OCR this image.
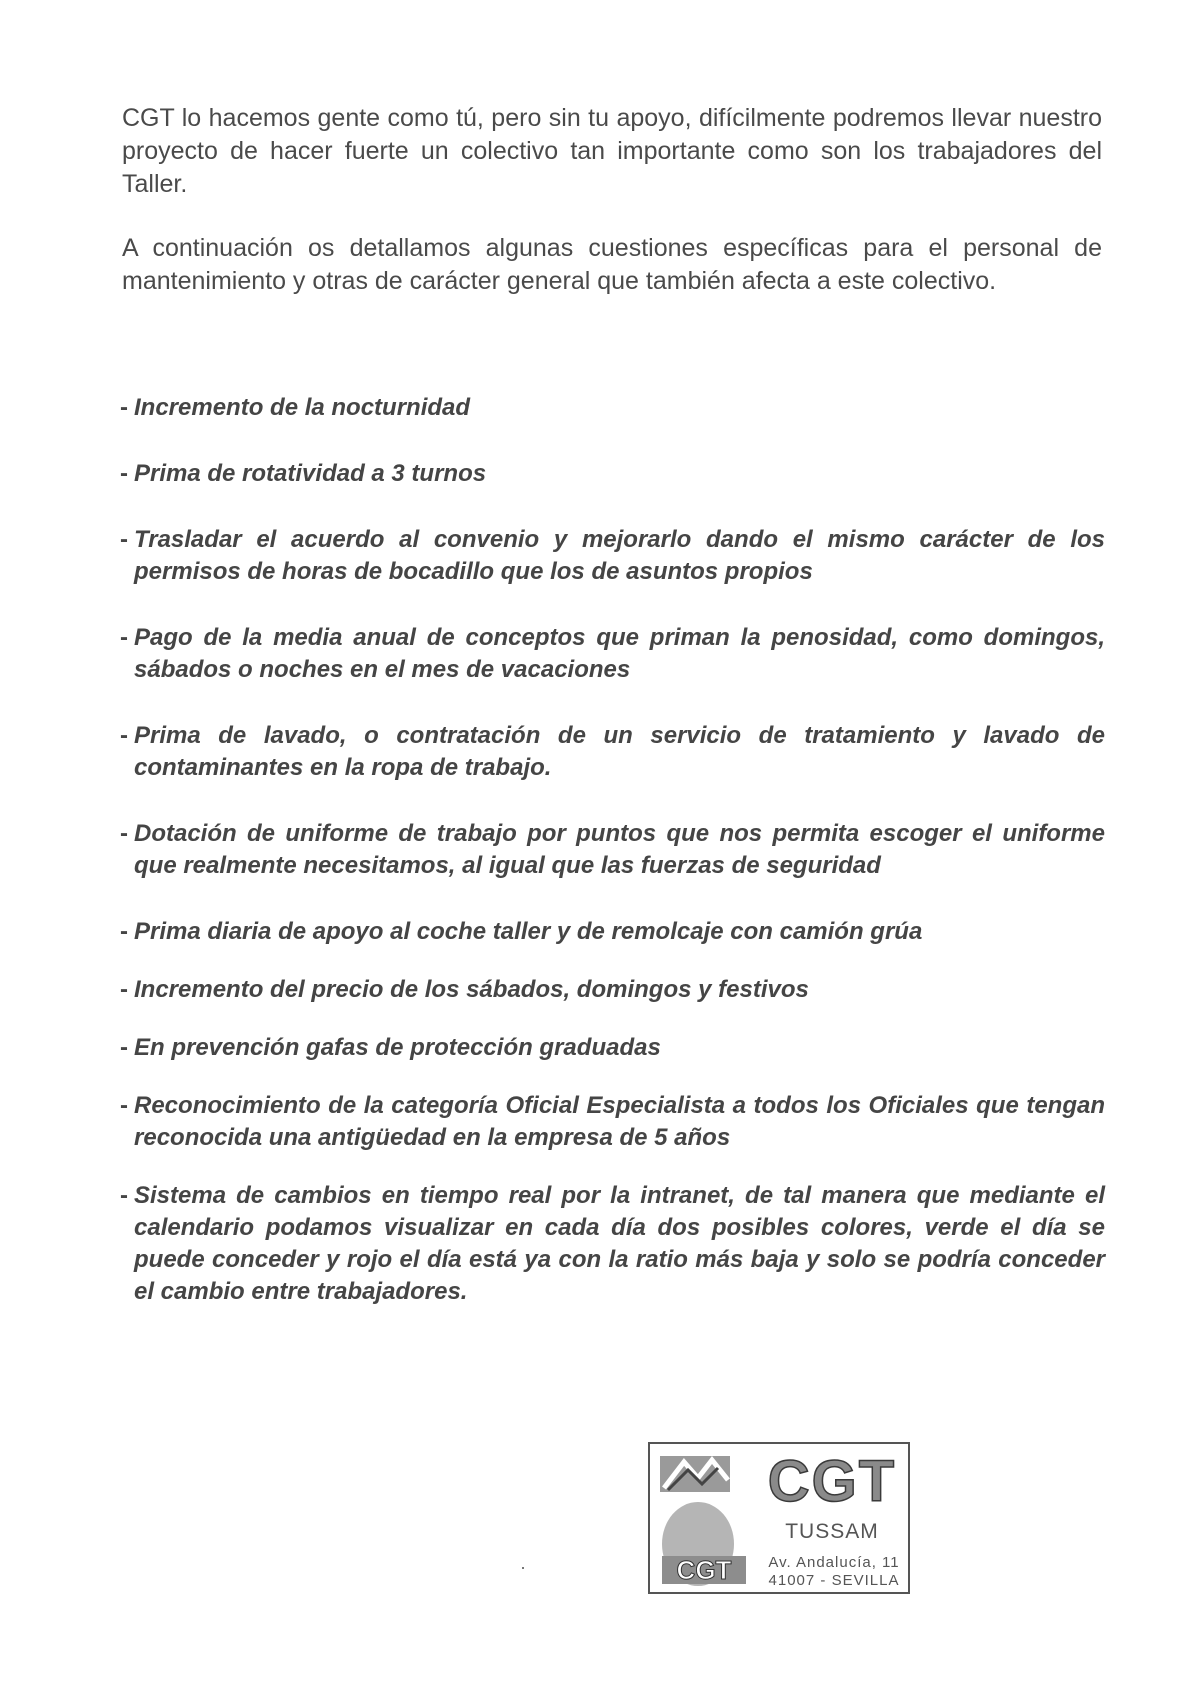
CGT lo hacemos gente como tú, pero sin tu apoyo, difícilmente podremos llevar nuestro proyecto de hacer fuerte un colectivo tan importante como son los trabajadores del Taller.

A continuación os detallamos algunas cuestiones específicas para el personal de mantenimiento y otras de carácter general que también afecta a este colectivo.

- Incremento de la nocturnidad
- Prima de rotatividad a 3 turnos
- Trasladar el acuerdo al convenio y mejorarlo dando el mismo carácter de los permisos de horas de bocadillo que los de asuntos propios
- Pago de la media anual de conceptos que priman la penosidad, como domingos, sábados o noches en el mes de vacaciones
- Prima de lavado, o contratación de un servicio de tratamiento y lavado de contaminantes en la ropa de trabajo.
- Dotación de uniforme de trabajo por puntos que nos permita escoger el uniforme que realmente necesitamos, al igual que las fuerzas de seguridad
- Prima diaria de apoyo al coche taller y de remolcaje con camión grúa
- Incremento del precio de los sábados, domingos y festivos
- En prevención gafas de protección graduadas
- Reconocimiento de la categoría Oficial Especialista a todos los Oficiales que tengan reconocida una antigüedad en la empresa de 5 años
- Sistema de cambios en tiempo real por la intranet, de tal manera que mediante el calendario podamos visualizar en cada día dos posibles colores, verde el día se puede conceder y rojo el día está ya con la ratio más baja y solo se podría conceder el cambio entre trabajadores.
CGT
CGT
TUSSAM
Av. Andalucía, 11
41007 - SEVILLA
